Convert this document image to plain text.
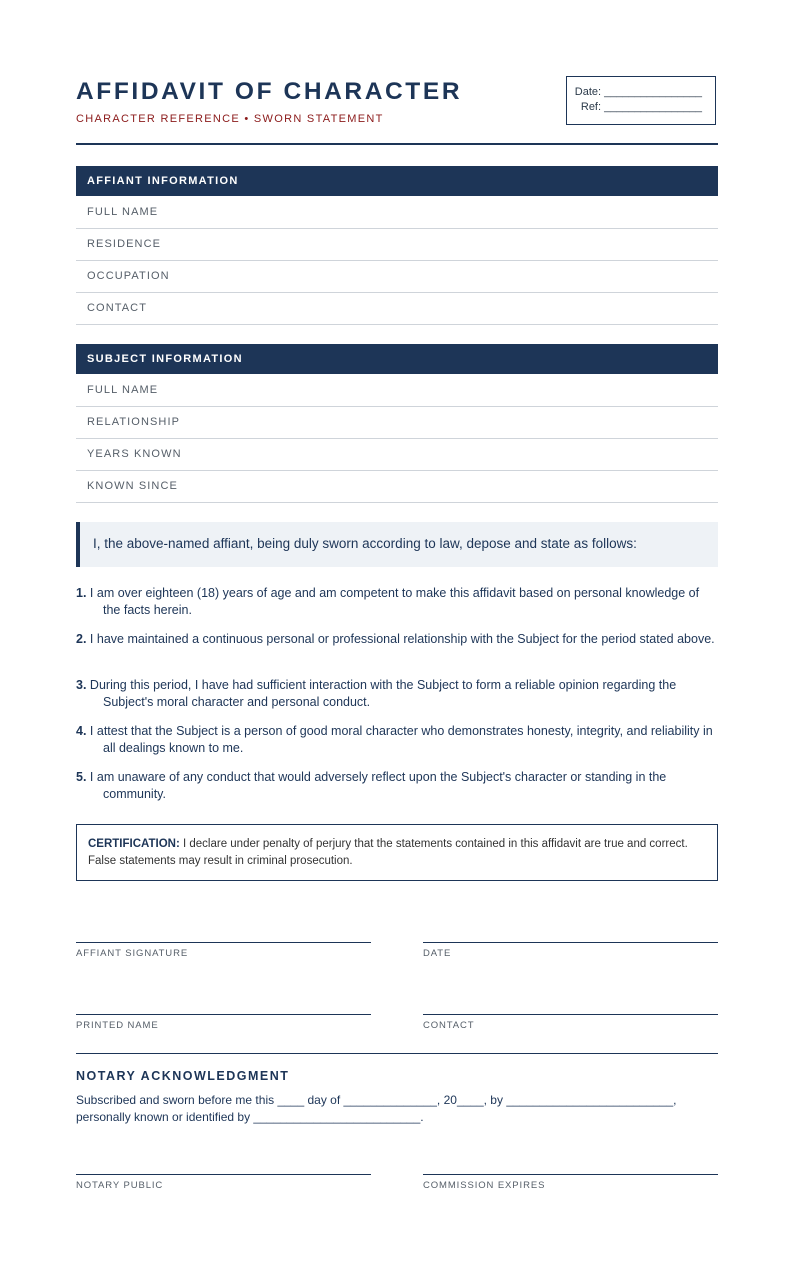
AFFIDAVIT OF CHARACTER
CHARACTER REFERENCE • SWORN STATEMENT
Date: ________________
Ref: ________________
AFFIANT INFORMATION
FULL NAME
RESIDENCE
OCCUPATION
CONTACT
SUBJECT INFORMATION
FULL NAME
RELATIONSHIP
YEARS KNOWN
KNOWN SINCE
I, the above-named affiant, being duly sworn according to law, depose and state as follows:
1. I am over eighteen (18) years of age and am competent to make this affidavit based on personal knowledge of the facts herein.
2. I have maintained a continuous personal or professional relationship with the Subject for the period stated above.
3. During this period, I have had sufficient interaction with the Subject to form a reliable opinion regarding the Subject's moral character and personal conduct.
4. I attest that the Subject is a person of good moral character who demonstrates honesty, integrity, and reliability in all dealings known to me.
5. I am unaware of any conduct that would adversely reflect upon the Subject's character or standing in the community.
CERTIFICATION: I declare under penalty of perjury that the statements contained in this affidavit are true and correct. False statements may result in criminal prosecution.
AFFIANT SIGNATURE	DATE
PRINTED NAME	CONTACT
NOTARY ACKNOWLEDGMENT
Subscribed and sworn before me this ____ day of ______________, 20____, by _________________________,
personally known or identified by _________________________.
NOTARY PUBLIC	COMMISSION EXPIRES
